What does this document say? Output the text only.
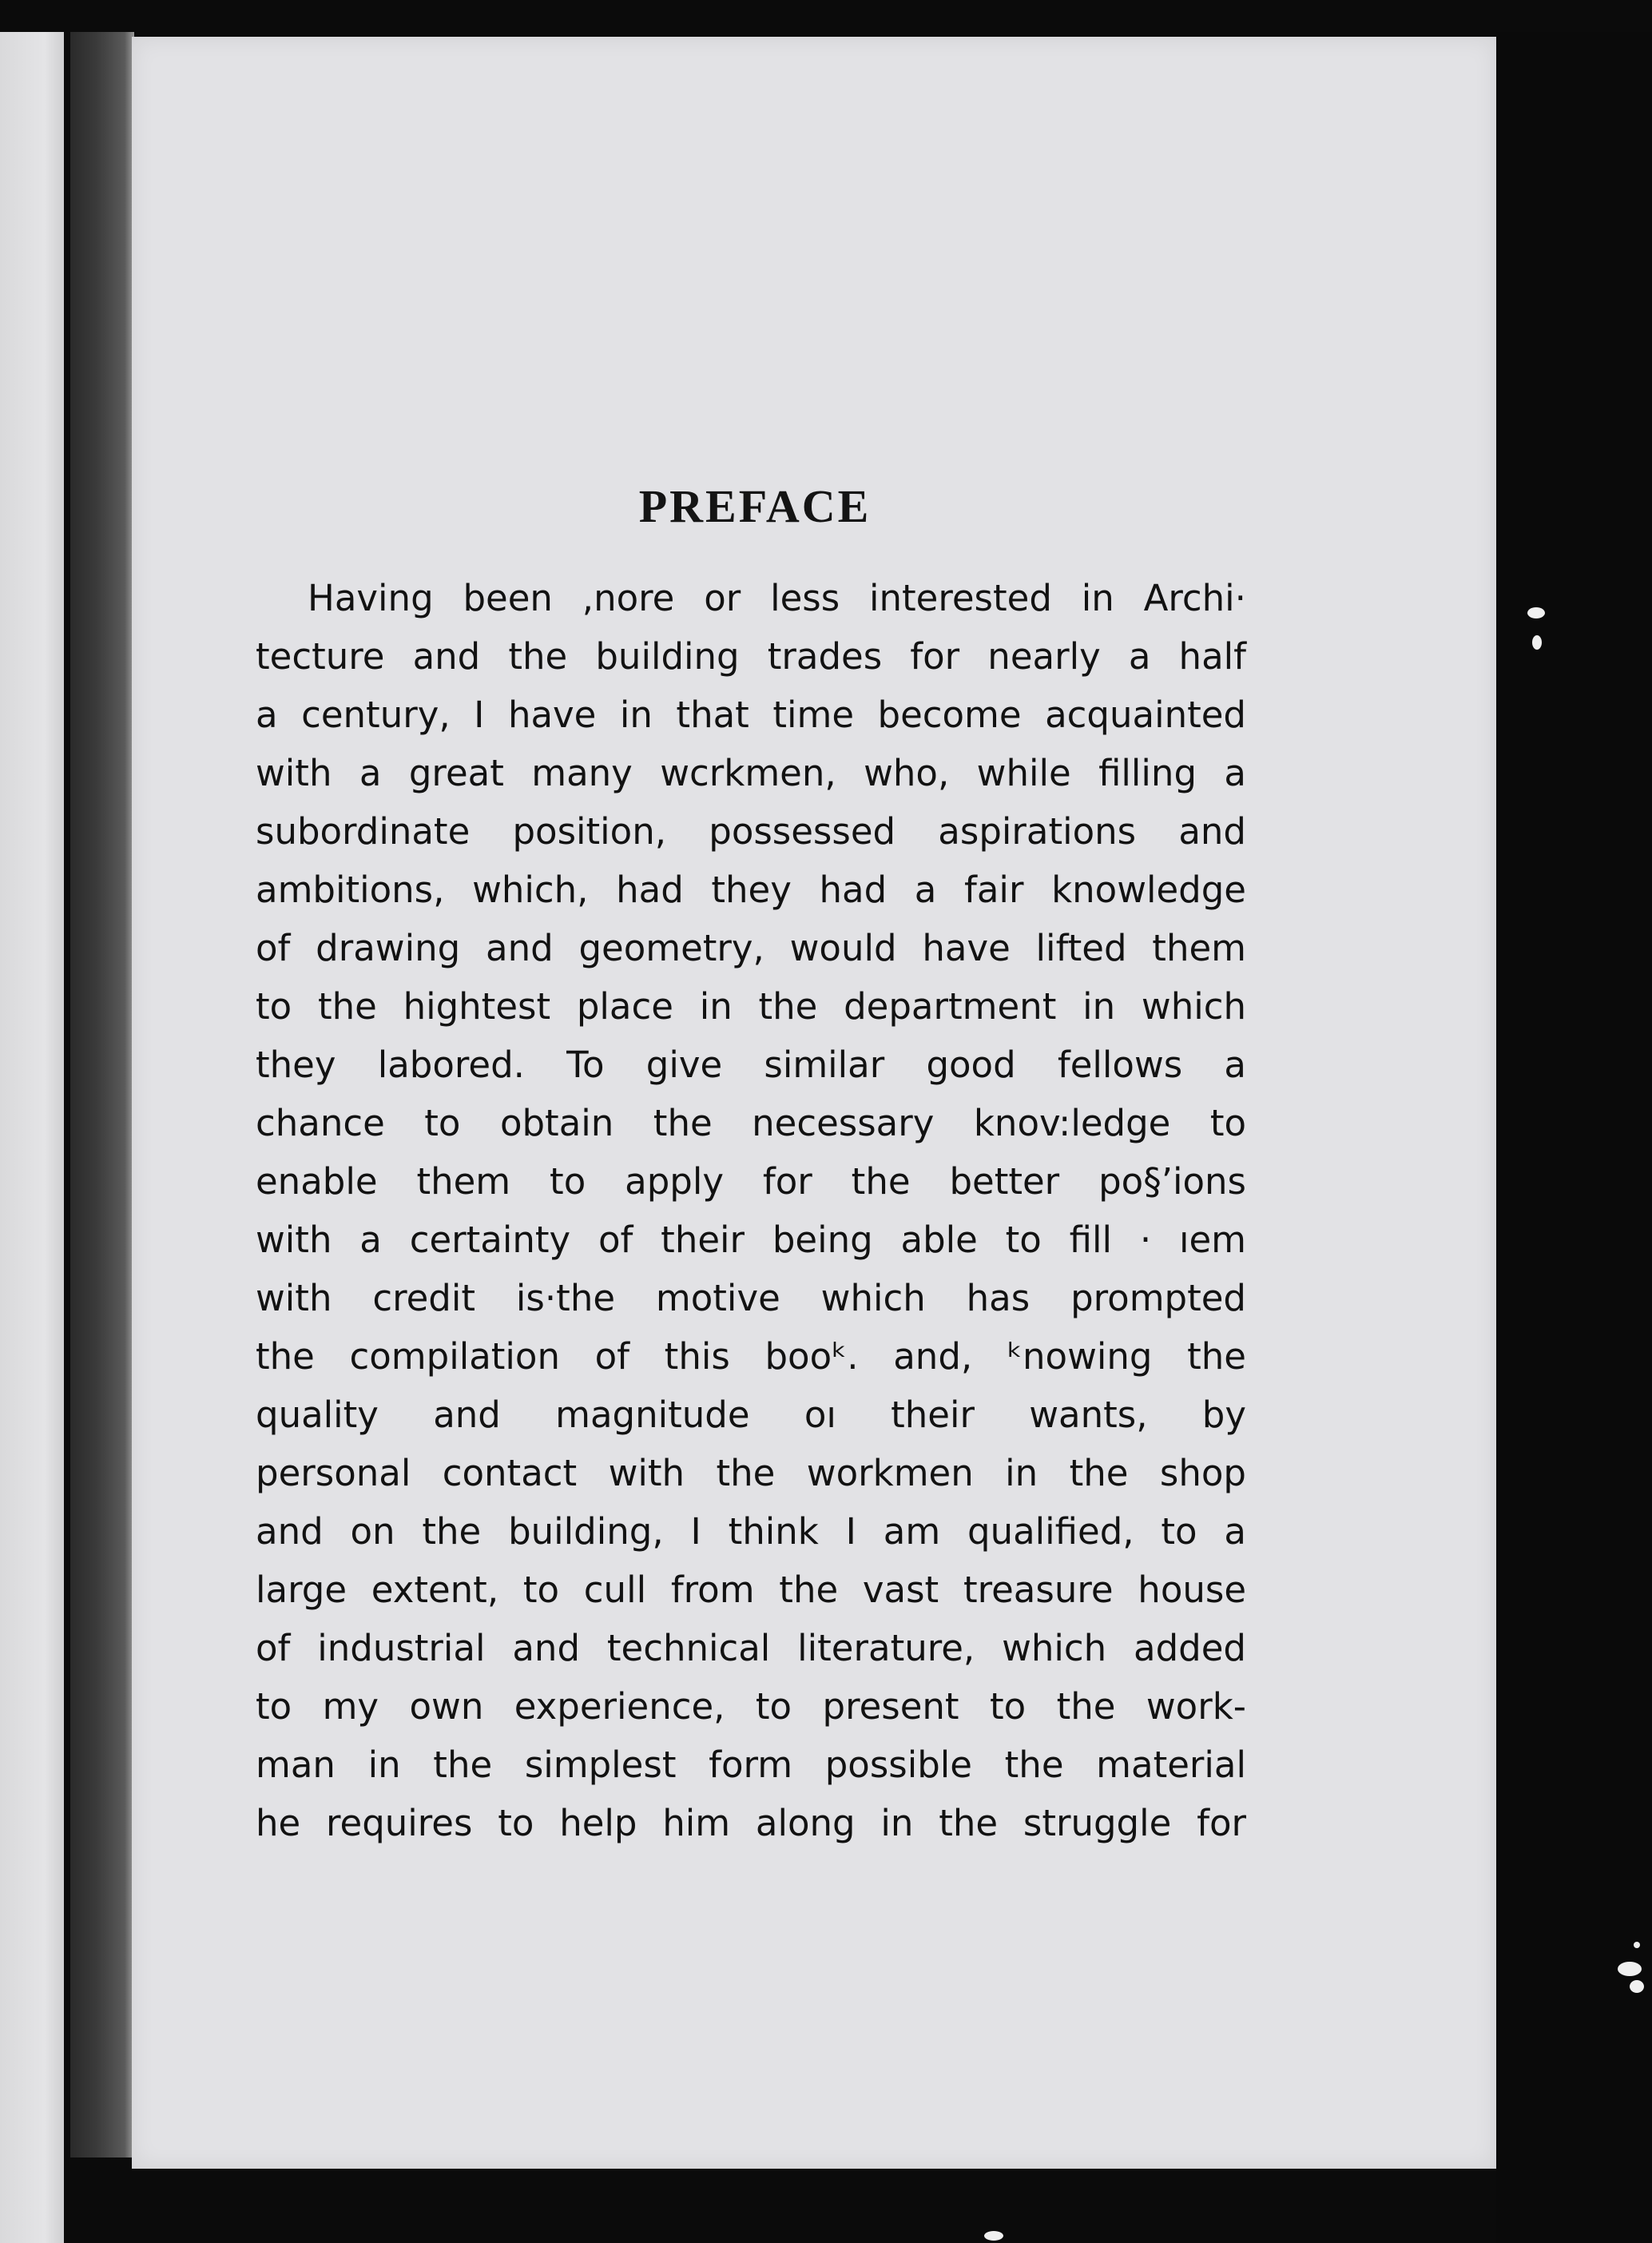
PREFACE
Having been ,nore or less interested in Archi·
tecture and the building trades for nearly a half
a century, I have in that time become acquainted
with a great many wcrkmen, who, while filling a
subordinate position, possessed aspirations and
ambitions, which, had they had a fair knowledge
of drawing and geometry, would have lifted them
to the hightest place in the department in which
they labored. To give similar good fellows a
chance to obtain the necessary knov:ledge to
enable them to apply for the better po§ʼions
with a certainty of their being able to fill · ıem
with credit is·the motive which has prompted
the compilation of this booᵏ. and, ᵏnowing the
quality and magnitude oı their wants, by
personal contact with the workmen in the shop
and on the building, I think I am qualified, to a
large extent, to cull from the vast treasure house
of industrial and technical literature, which added
to my own experience, to present to the work-
man in the simplest form possible the material
he requires to help him along in the struggle for
